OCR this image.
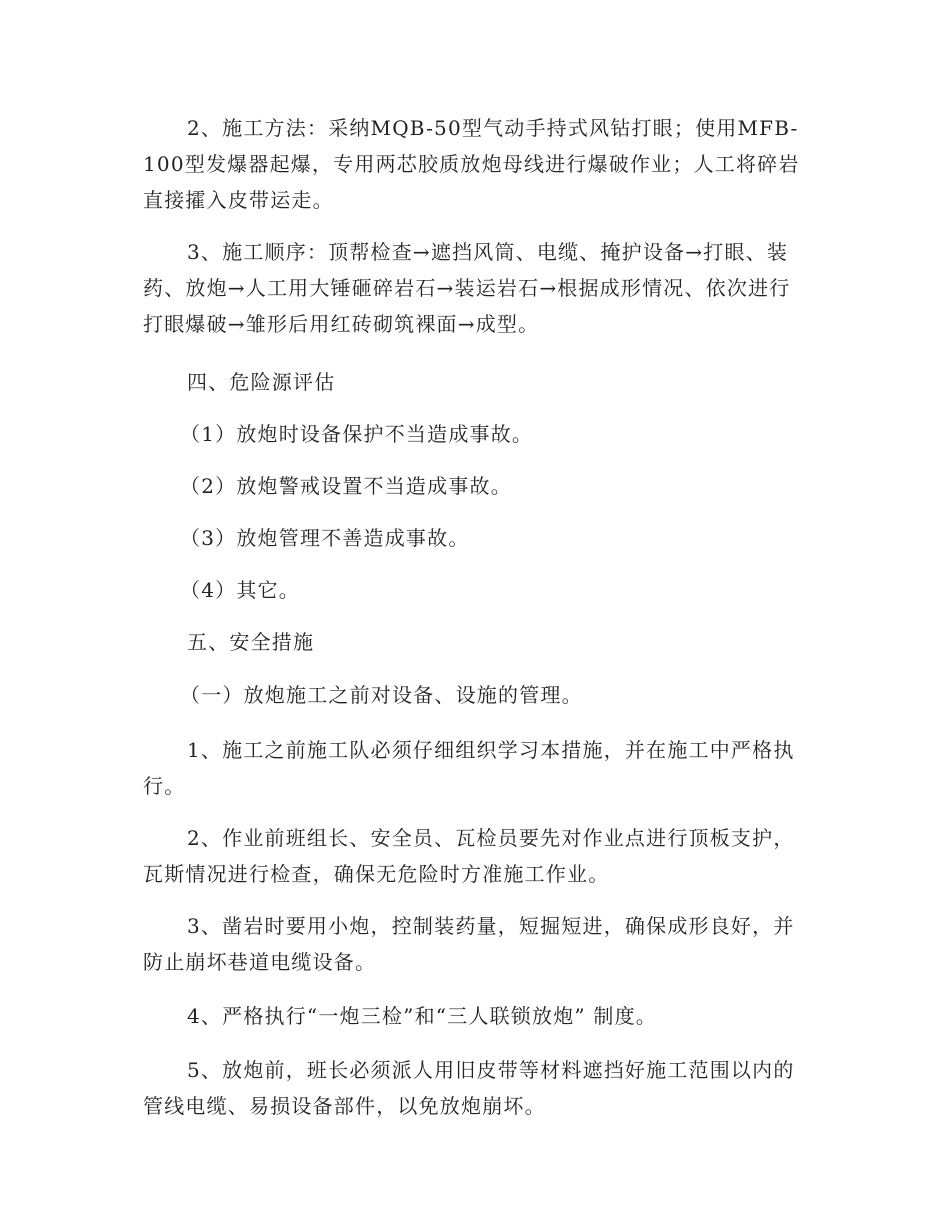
2、施工方法：采纳MQB-50型气动手持式风钻打眼；使用MFB-100型发爆器起爆，专用两芯胶质放炮母线进行爆破作业；人工将碎岩直接攉入皮带运走。

3、施工顺序：顶帮检查→遮挡风筒、电缆、掩护设备→打眼、装药、放炮→人工用大锤砸碎岩石→装运岩石→根据成形情况、依次进行打眼爆破→雏形后用红砖砌筑裸面→成型。

四、危险源评估

（1）放炮时设备保护不当造成事故。

（2）放炮警戒设置不当造成事故。

（3）放炮管理不善造成事故。

（4）其它。

五、安全措施

（一）放炮施工之前对设备、设施的管理。

1、施工之前施工队必须仔细组织学习本措施，并在施工中严格执行。

2、作业前班组长、安全员、瓦检员要先对作业点进行顶板支护，瓦斯情况进行检查，确保无危险时方准施工作业。

3、凿岩时要用小炮，控制装药量，短掘短进，确保成形良好，并防止崩坏巷道电缆设备。

4、严格执行“一炮三检”和“三人联锁放炮” 制度。

5、放炮前，班长必须派人用旧皮带等材料遮挡好施工范围以内的管线电缆、易损设备部件，以免放炮崩坏。
